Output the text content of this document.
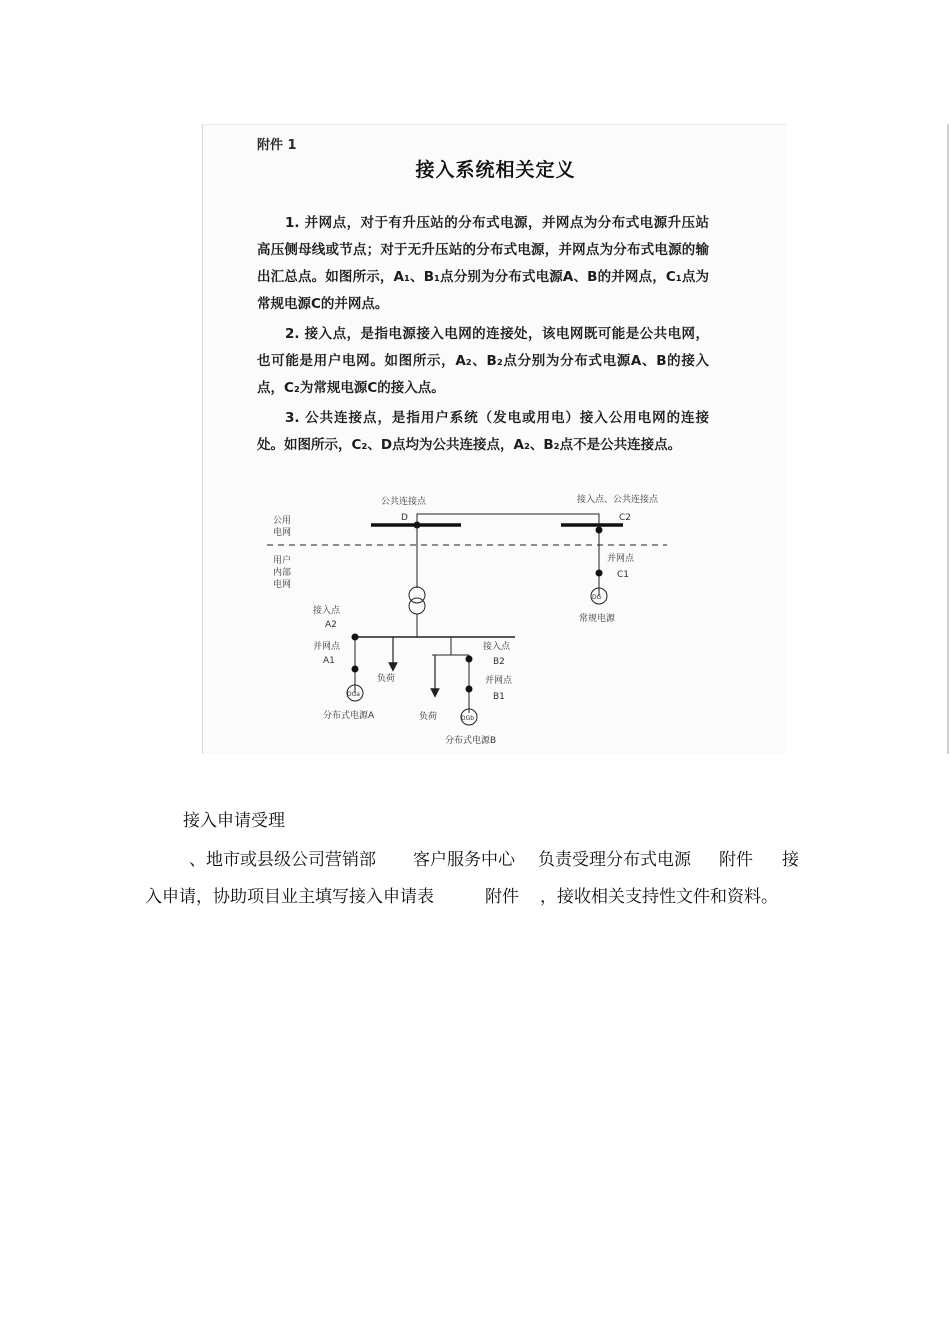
附件 1
接入系统相关定义
1. 并网点，对于有升压站的分布式电源，并网点为分布式电源升压站高压侧母线或节点；对于无升压站的分布式电源，并网点为分布式电源的输出汇总点。如图所示，A₁、B₁点分别为分布式电源A、B的并网点，C₁点为常规电源C的并网点。
2. 接入点，是指电源接入电网的连接处，该电网既可能是公共电网，也可能是用户电网。如图所示，A₂、B₂点分别为分布式电源A、B的接入点，C₂为常规电源C的接入点。
3. 公共连接点，是指用户系统（发电或用电）接入公用电网的连接处。如图所示，C₂、D点均为公共连接点，A₂、B₂点不是公共连接点。
公用
电网
用户
内部
电网
公共连接点
D
接入点、公共连接点
C2
并网点
C1
DG
常规电源
接入点
A2
并网点
A1
DGa
分布式电源A
负荷
负荷
接入点
B2
并网点
B1
DGb
分布式电源B
接入申请受理
、地市或县级公司营销部 客户服务中心 负责受理分布式电源 附件 接
入申请，协助项目业主填写接入申请表	附件 ，接收相关支持性文件和资料。
